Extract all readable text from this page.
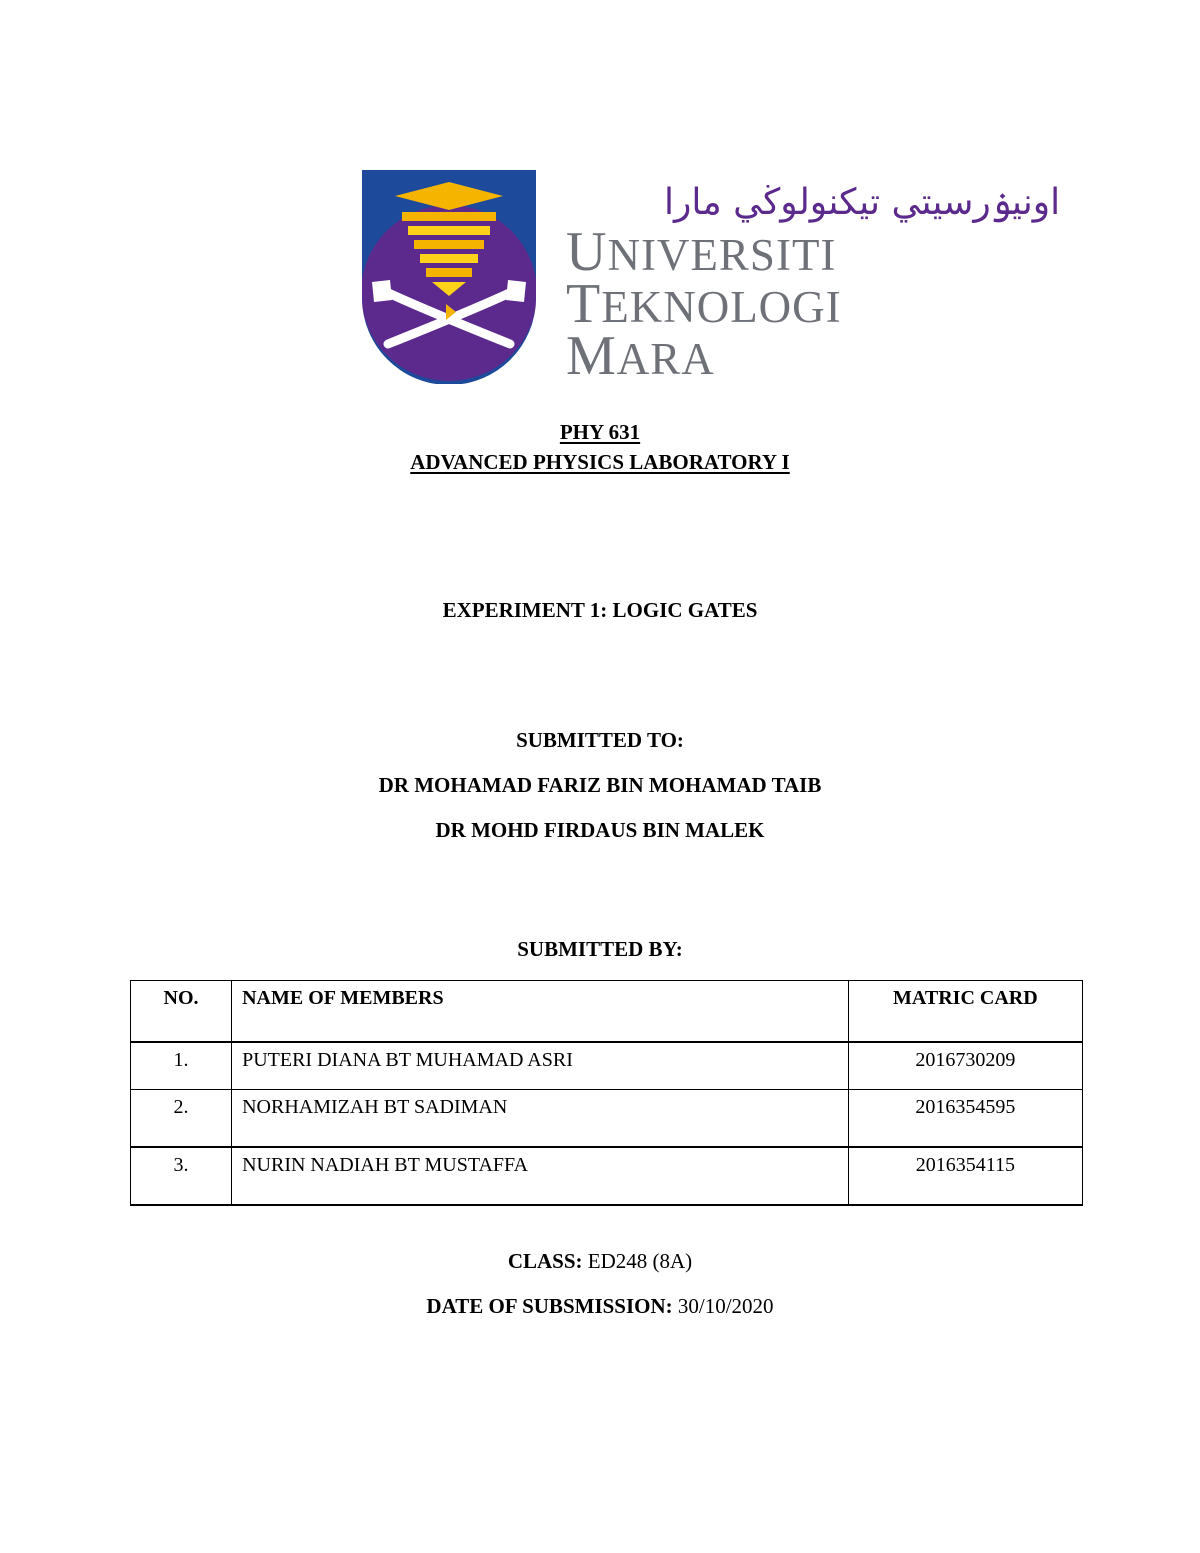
اونيۏرسيتي تيكنولوڬي مارا
UNIVERSITI
TEKNOLOGI
MARA
PHY 631
ADVANCED PHYSICS LABORATORY I
EXPERIMENT 1: LOGIC GATES
SUBMITTED TO:
DR MOHAMAD FARIZ BIN MOHAMAD TAIB
DR MOHD FIRDAUS BIN MALEK
SUBMITTED BY:
NO.	NAME OF MEMBERS	MATRIC CARD
1.	PUTERI DIANA BT MUHAMAD ASRI	2016730209
2.	NORHAMIZAH BT SADIMAN	2016354595
3.	NURIN NADIAH BT MUSTAFFA	2016354115
CLASS: ED248 (8A)
DATE OF SUBSMISSION: 30/10/2020
